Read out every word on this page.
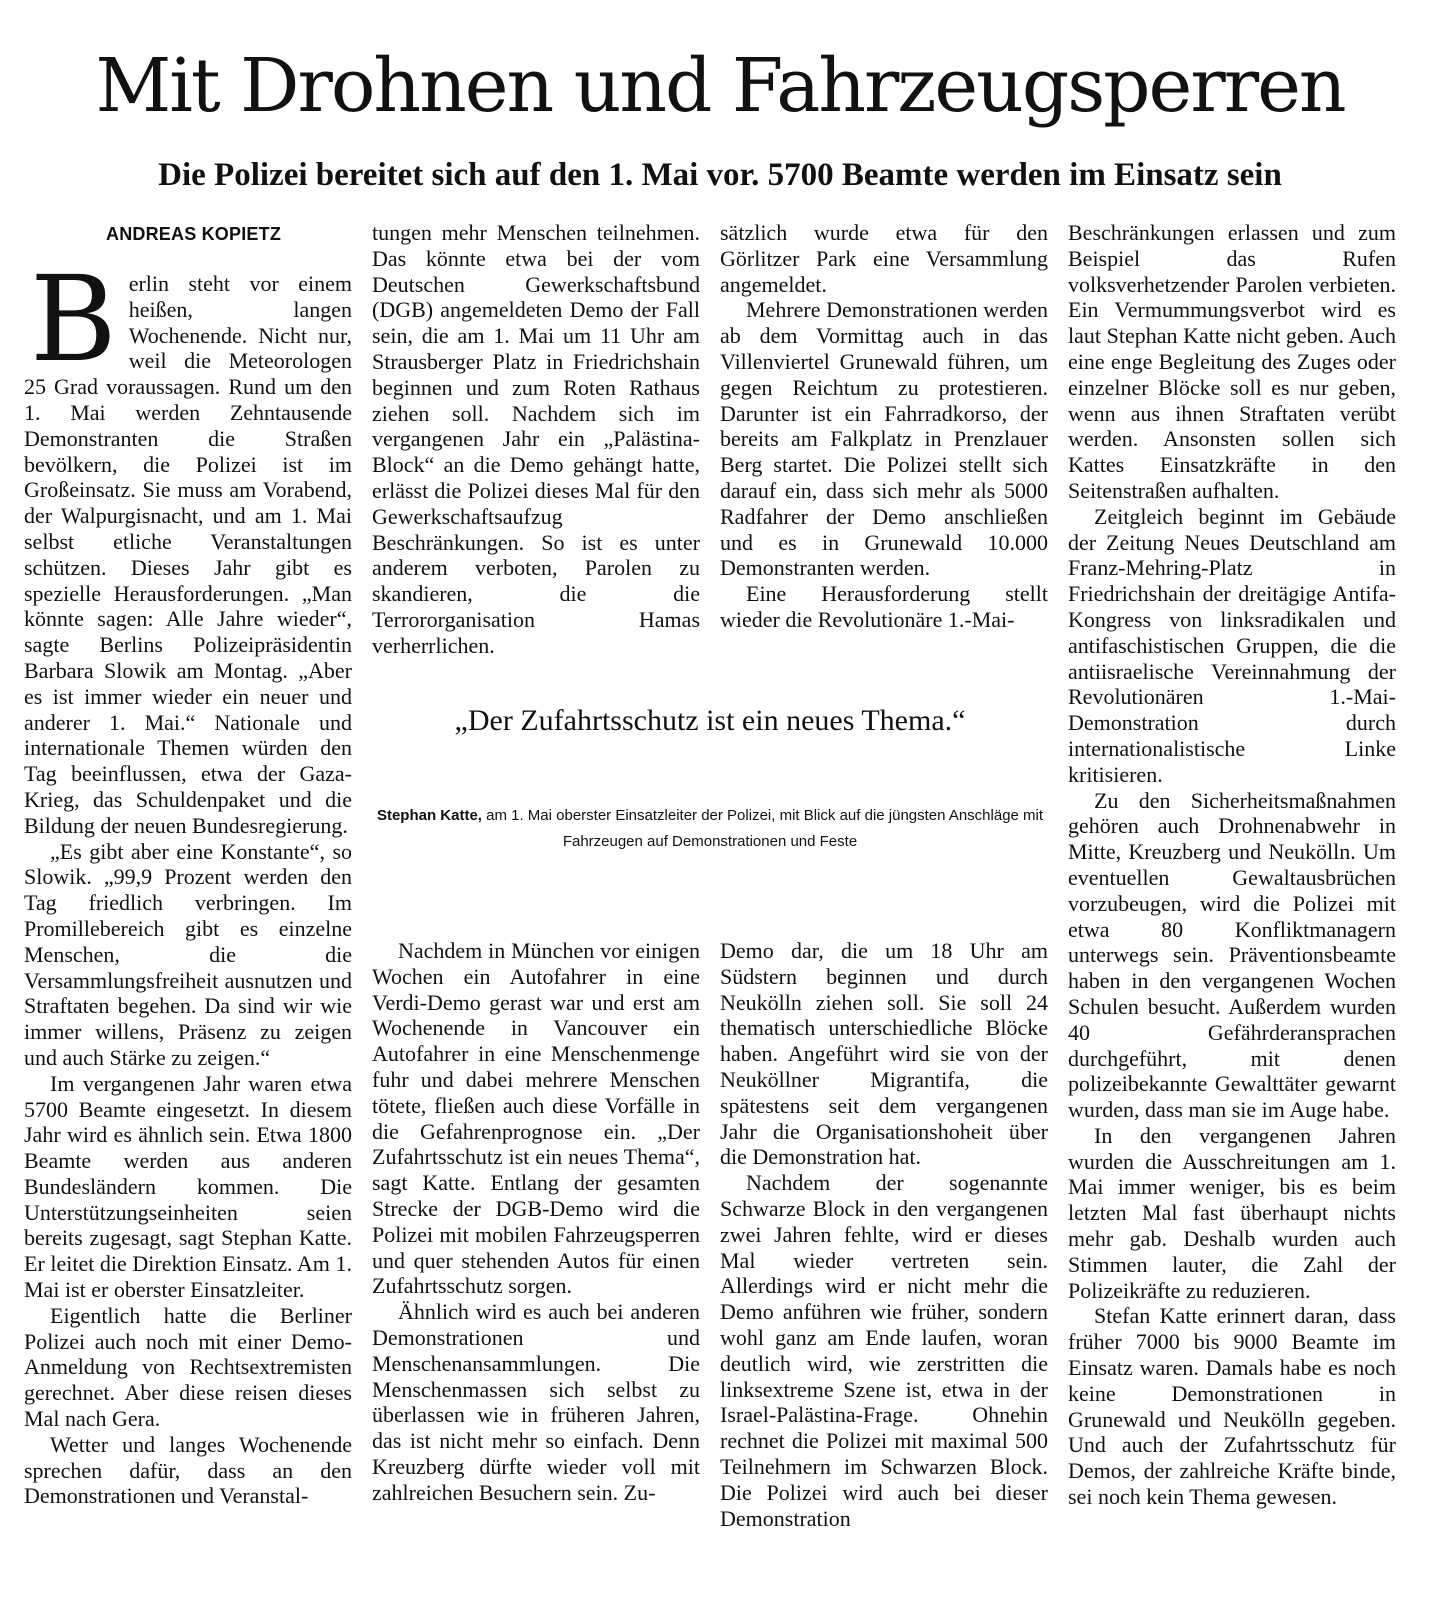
Mit Drohnen und Fahrzeugsperren
Die Polizei bereitet sich auf den 1. Mai vor. 5700 Beamte werden im Einsatz sein
ANDREAS KOPIETZ
B erlin steht vor einem heißen, langen Wochenende. Nicht nur, weil die Meteorologen 25 Grad voraussagen. Rund um den 1. Mai werden Zehntausende Demonstranten die Straßen bevölkern, die Polizei ist im Großeinsatz. Sie muss am Vorabend, der Walpurgisnacht, und am 1. Mai selbst etliche Veranstaltungen schützen. Dieses Jahr gibt es spezielle Herausforderungen. „Man könnte sagen: Alle Jahre wieder“, sagte Berlins Polizeipräsidentin Barbara Slowik am Montag. „Aber es ist immer wieder ein neuer und anderer 1. Mai.“ Nationale und internationale Themen würden den Tag beeinflussen, etwa der Gaza-Krieg, das Schuldenpaket und die Bildung der neuen Bundesregierung.

„Es gibt aber eine Konstante“, so Slowik. „99,9 Prozent werden den Tag friedlich verbringen. Im Promillebereich gibt es einzelne Menschen, die die Versammlungsfreiheit ausnutzen und Straftaten begehen. Da sind wir wie immer willens, Präsenz zu zeigen und auch Stärke zu zeigen.“

Im vergangenen Jahr waren etwa 5700 Beamte eingesetzt. In diesem Jahr wird es ähnlich sein. Etwa 1800 Beamte werden aus anderen Bundesländern kommen. Die Unterstützungseinheiten seien bereits zugesagt, sagt Stephan Katte. Er leitet die Direktion Einsatz. Am 1. Mai ist er oberster Einsatzleiter.

Eigentlich hatte die Berliner Polizei auch noch mit einer Demo-Anmeldung von Rechtsextremisten gerechnet. Aber diese reisen dieses Mal nach Gera.

Wetter und langes Wochenende sprechen dafür, dass an den Demonstrationen und Veranstal-

tungen mehr Menschen teilnehmen. Das könnte etwa bei der vom Deutschen Gewerkschaftsbund (DGB) angemeldeten Demo der Fall sein, die am 1. Mai um 11 Uhr am Strausberger Platz in Friedrichshain beginnen und zum Roten Rathaus ziehen soll. Nachdem sich im vergangenen Jahr ein „Palästina-Block“ an die Demo gehängt hatte, erlässt die Polizei dieses Mal für den Gewerkschaftsaufzug Beschränkungen. So ist es unter anderem verboten, Parolen zu skandieren, die die Terrororganisation Hamas verherrlichen.

sätzlich wurde etwa für den Görlitzer Park eine Versammlung angemeldet.

Mehrere Demonstrationen werden ab dem Vormittag auch in das Villenviertel Grunewald führen, um gegen Reichtum zu protestieren. Darunter ist ein Fahrradkorso, der bereits am Falkplatz in Prenzlauer Berg startet. Die Polizei stellt sich darauf ein, dass sich mehr als 5000 Radfahrer der Demo anschließen und es in Grunewald 10.000 Demonstranten werden.

Eine Herausforderung stellt wieder die Revolutionäre 1.-Mai-

„Der Zufahrtsschutz ist ein neues Thema.“
Stephan Katte, am 1. Mai oberster Einsatzleiter der Polizei, mit Blick auf die jüngsten Anschläge mit Fahrzeugen auf Demonstrationen und Feste

Nachdem in München vor einigen Wochen ein Autofahrer in eine Verdi-Demo gerast war und erst am Wochenende in Vancouver ein Autofahrer in eine Menschenmenge fuhr und dabei mehrere Menschen tötete, fließen auch diese Vorfälle in die Gefahrenprognose ein. „Der Zufahrtsschutz ist ein neues Thema“, sagt Katte. Entlang der gesamten Strecke der DGB-Demo wird die Polizei mit mobilen Fahrzeugsperren und quer stehenden Autos für einen Zufahrtsschutz sorgen.

Ähnlich wird es auch bei anderen Demonstrationen und Menschenansammlungen. Die Menschenmassen sich selbst zu überlassen wie in früheren Jahren, das ist nicht mehr so einfach. Denn Kreuzberg dürfte wieder voll mit zahlreichen Besuchern sein. Zu-

Demo dar, die um 18 Uhr am Südstern beginnen und durch Neukölln ziehen soll. Sie soll 24 thematisch unterschiedliche Blöcke haben. Angeführt wird sie von der Neuköllner Migrantifa, die spätestens seit dem vergangenen Jahr die Organisationshoheit über die Demonstration hat.

Nachdem der sogenannte Schwarze Block in den vergangenen zwei Jahren fehlte, wird er dieses Mal wieder vertreten sein. Allerdings wird er nicht mehr die Demo anführen wie früher, sondern wohl ganz am Ende laufen, woran deutlich wird, wie zerstritten die linksextreme Szene ist, etwa in der Israel-Palästina-Frage. Ohnehin rechnet die Polizei mit maximal 500 Teilnehmern im Schwarzen Block. Die Polizei wird auch bei dieser Demonstration

Beschränkungen erlassen und zum Beispiel das Rufen volksverhetzender Parolen verbieten. Ein Vermummungsverbot wird es laut Stephan Katte nicht geben. Auch eine enge Begleitung des Zuges oder einzelner Blöcke soll es nur geben, wenn aus ihnen Straftaten verübt werden. Ansonsten sollen sich Kattes Einsatzkräfte in den Seitenstraßen aufhalten.

Zeitgleich beginnt im Gebäude der Zeitung Neues Deutschland am Franz-Mehring-Platz in Friedrichshain der dreitägige Antifa-Kongress von linksradikalen und antifaschistischen Gruppen, die die antiisraelische Vereinnahmung der Revolutionären 1.-Mai-Demonstration durch internationalistische Linke kritisieren.

Zu den Sicherheitsmaßnahmen gehören auch Drohnenabwehr in Mitte, Kreuzberg und Neukölln. Um eventuellen Gewaltausbrüchen vorzubeugen, wird die Polizei mit etwa 80 Konfliktmanagern unterwegs sein. Präventionsbeamte haben in den vergangenen Wochen Schulen besucht. Außerdem wurden 40 Gefährderansprachen durchgeführt, mit denen polizeibekannte Gewalttäter gewarnt wurden, dass man sie im Auge habe.

In den vergangenen Jahren wurden die Ausschreitungen am 1. Mai immer weniger, bis es beim letzten Mal fast überhaupt nichts mehr gab. Deshalb wurden auch Stimmen lauter, die Zahl der Polizeikräfte zu reduzieren.

Stefan Katte erinnert daran, dass früher 7000 bis 9000 Beamte im Einsatz waren. Damals habe es noch keine Demonstrationen in Grunewald und Neukölln gegeben. Und auch der Zufahrtsschutz für Demos, der zahlreiche Kräfte binde, sei noch kein Thema gewesen.
